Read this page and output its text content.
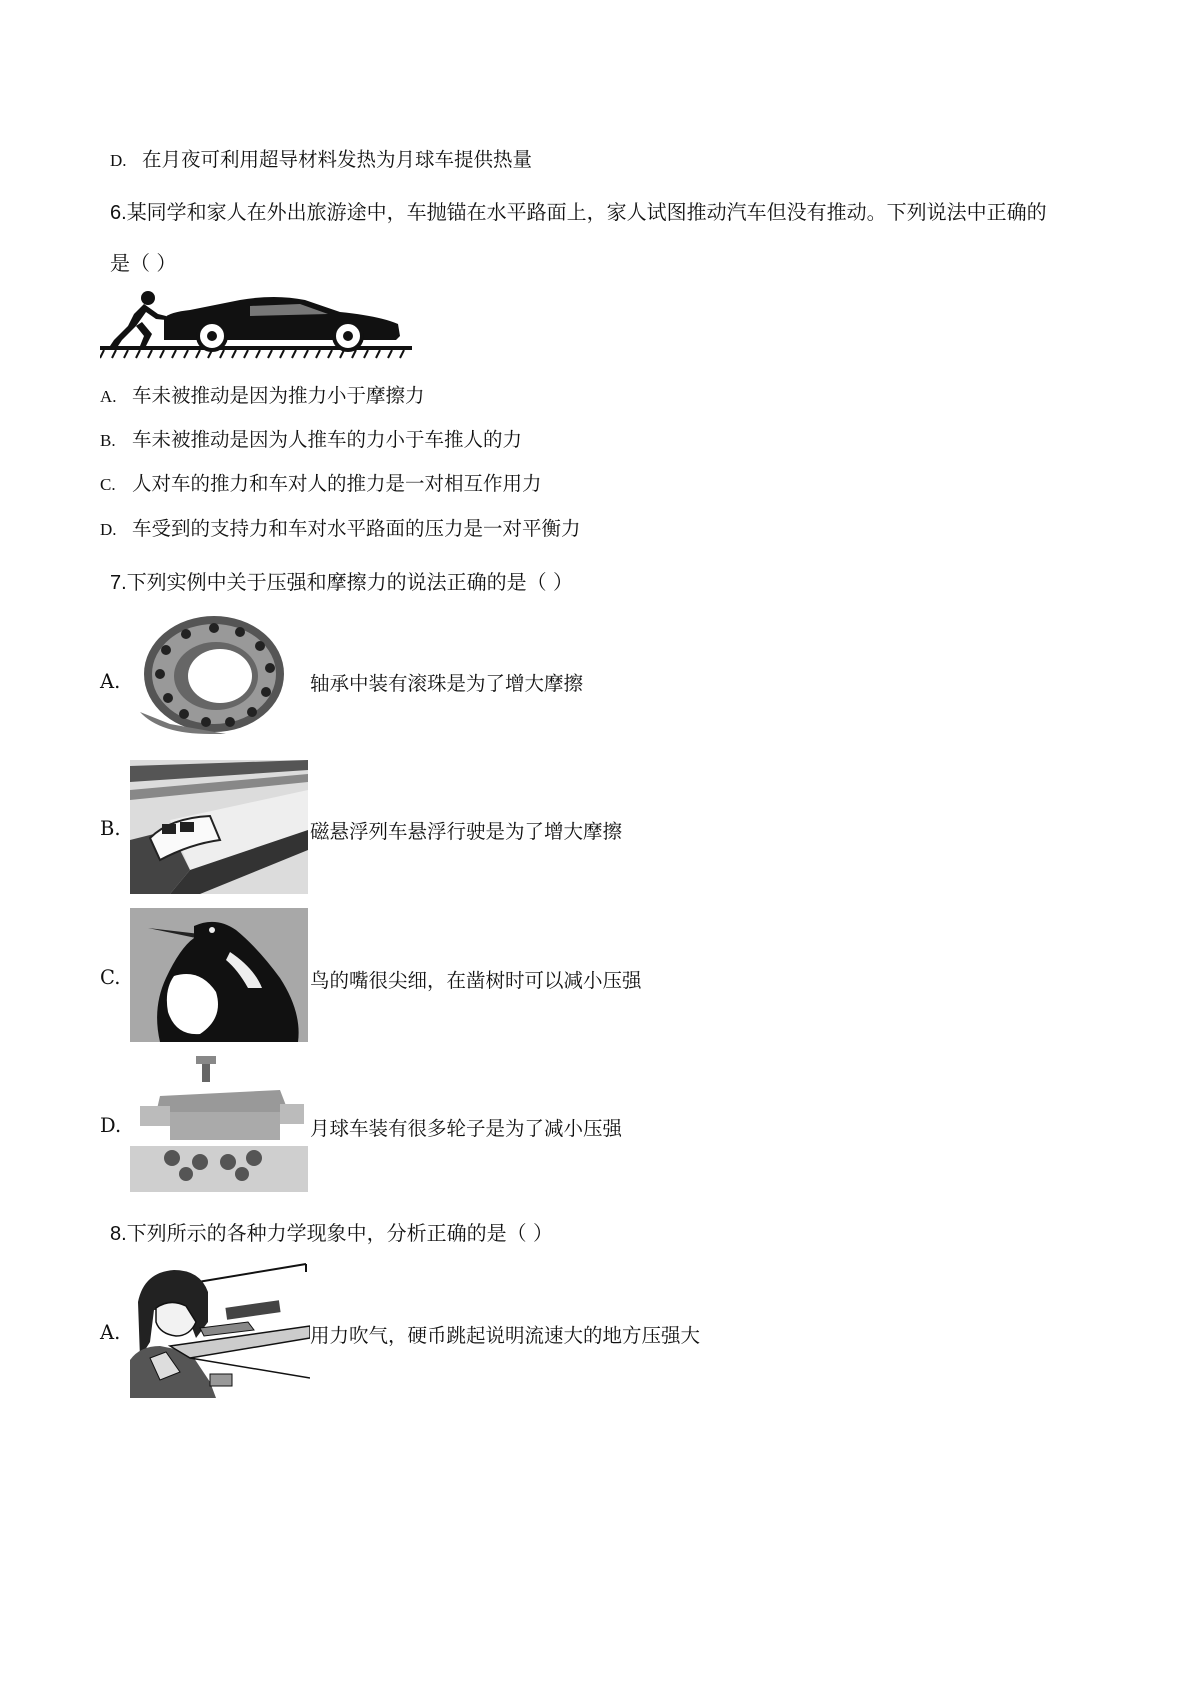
D. 在月夜可利用超导材料发热为月球车提供热量
6.某同学和家人在外出旅游途中，车抛锚在水平路面上，家人试图推动汽车但没有推动。下列说法中正确的
是（ ）
A. 车未被推动是因为推力小于摩擦力
B. 车未被推动是因为人推车的力小于车推人的力
C. 人对车的推力和车对人的推力是一对相互作用力
D. 车受到的支持力和车对水平路面的压力是一对平衡力
7.下列实例中关于压强和摩擦力的说法正确的是（ ）
A.	轴承中装有滚珠是为了增大摩擦
B.	磁悬浮列车悬浮行驶是为了增大摩擦
C.	鸟的嘴很尖细，在凿树时可以减小压强
D.	月球车装有很多轮子是为了减小压强
8.下列所示的各种力学现象中，分析正确的是（ ）
A.	用力吹气，硬币跳起说明流速大的地方压强大
